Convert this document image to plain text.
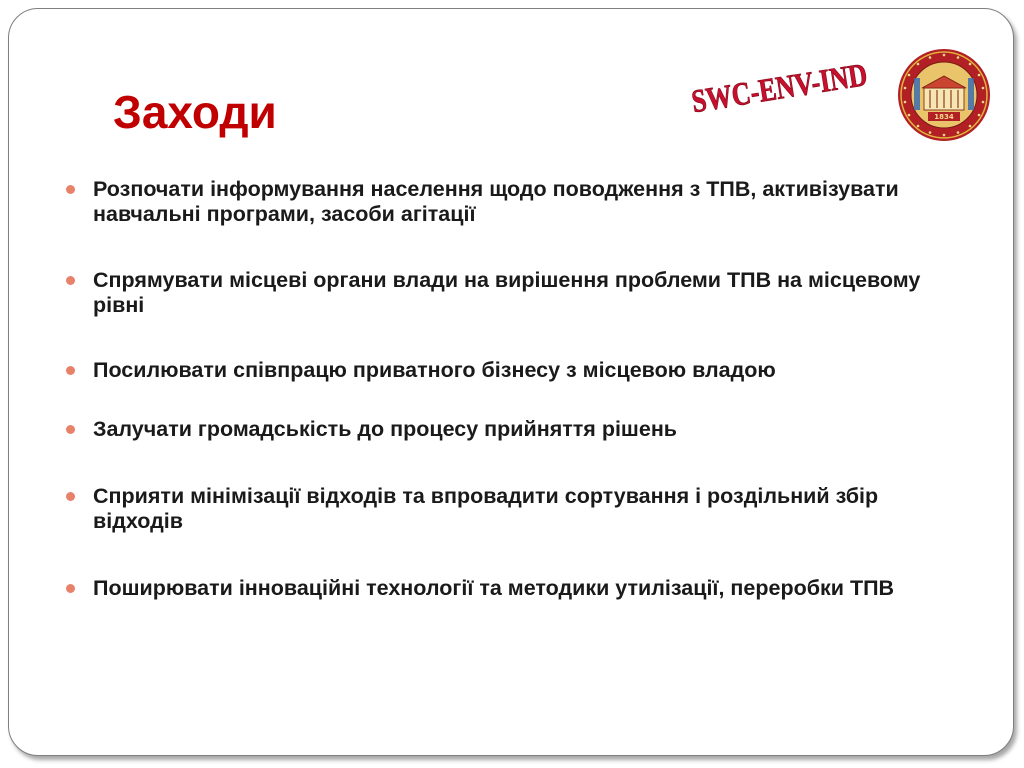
Заходи	SWC-ENV-IND	1834
Розпочати інформування населення щодо поводження з ТПВ, активізувати навчальні програми, засоби агітації
Спрямувати місцеві органи влади на вирішення проблеми ТПВ на місцевому рівні
Посилювати співпрацю приватного бізнесу з місцевою владою
Залучати громадськість до процесу прийняття рішень
Сприяти мінімізації відходів та впровадити сортування і роздільний збір відходів
Поширювати інноваційні технології та методики утилізації, переробки ТПВ
